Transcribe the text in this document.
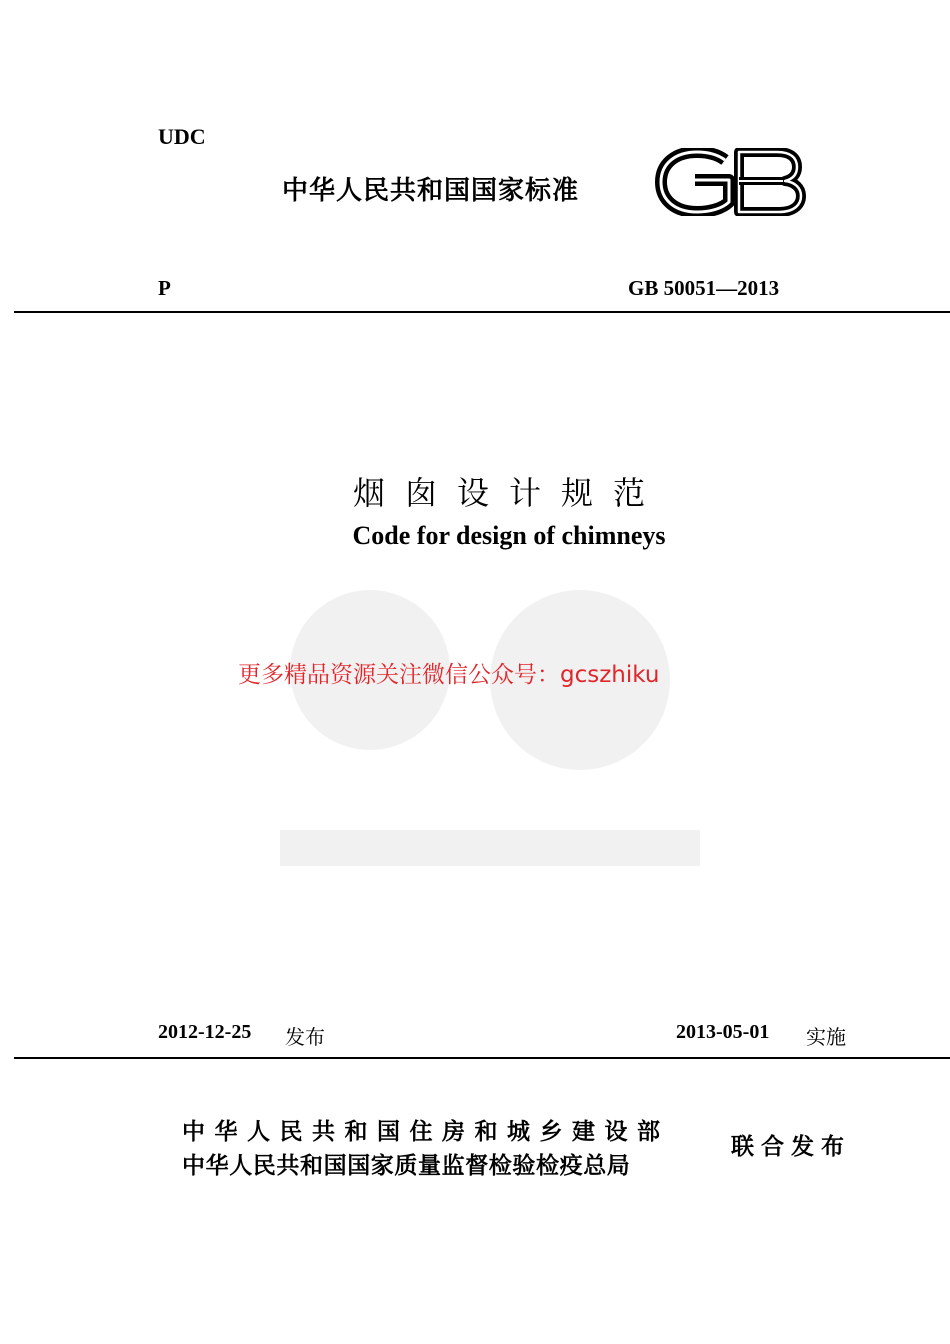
UDC
中华人民共和国国家标准
P	GB 50051—2013
烟囱设计规范
Code for design of chimneys
更多精品资源关注微信公众号：gcszhiku
2012-12-25 发布	2013-05-01 实施
中华人民共和国住房和城乡建设部
中华人民共和国国家质量监督检验检疫总局
联合发布
